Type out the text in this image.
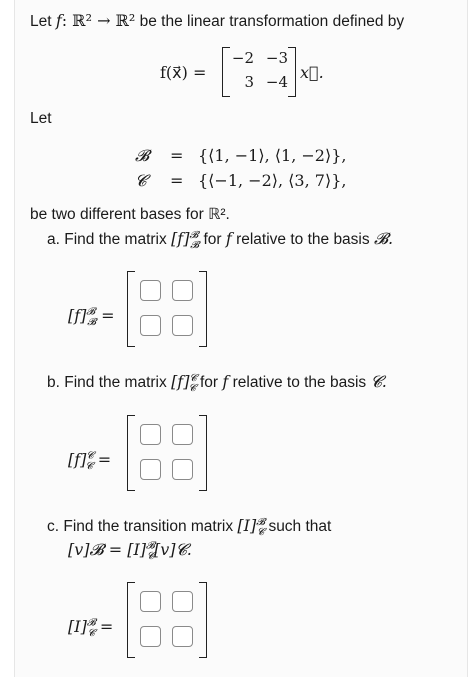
Let f: ℝ² → ℝ² be the linear transformation defined by
f(x⃗) =
−2 −3
3 −4 x⃗.
Let
𝓑 = {⟨1, −1⟩, ⟨1, −2⟩},
𝓒 = {⟨−1, −2⟩, ⟨3, 7⟩},
be two different bases for ℝ².
a. Find the matrix $[f]^𝓑_𝓑$ for f relative to the basis 𝓑.
$[f]^𝓑_𝓑$ =
b. Find the matrix $[f]^𝓒_𝓒$ for f relative to the basis 𝓒.
$[f]^𝓒_𝓒$ =
c. Find the transition matrix $[I]^𝓑_𝓒$ such that
[v]𝓑 = $[I]^𝓑_𝓒[v]𝓒$.
$[I]^𝓑_𝓒$ =
